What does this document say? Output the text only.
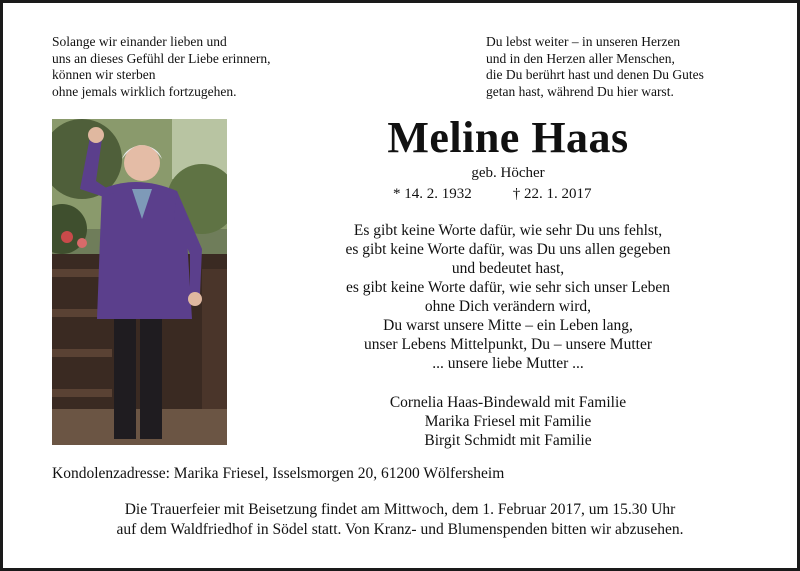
Solange wir einander lieben und
uns an dieses Gefühl der Liebe erinnern,
können wir sterben
ohne jemals wirklich fortzugehen.
Du lebst weiter – in unseren Herzen
und in den Herzen aller Menschen,
die Du berührt hast und denen Du Gutes
getan hast, während Du hier warst.
Meline Haas
geb. Höcher
* 14. 2. 1932	† 22. 1. 2017
Es gibt keine Worte dafür, wie sehr Du uns fehlst,
es gibt keine Worte dafür, was Du uns allen gegeben
und bedeutet hast,
es gibt keine Worte dafür, wie sehr sich unser Leben
ohne Dich verändern wird,
Du warst unsere Mitte – ein Leben lang,
unser Lebens Mittelpunkt, Du – unsere Mutter
... unsere liebe Mutter ...
Cornelia Haas-Bindewald mit Familie
Marika Friesel mit Familie
Birgit Schmidt mit Familie
Kondolenzadresse: Marika Friesel, Isselsmorgen 20, 61200 Wölfersheim
Die Trauerfeier mit Beisetzung findet am Mittwoch, dem 1. Februar 2017, um 15.30 Uhr
auf dem Waldfriedhof in Södel statt. Von Kranz- und Blumenspenden bitten wir abzusehen.
